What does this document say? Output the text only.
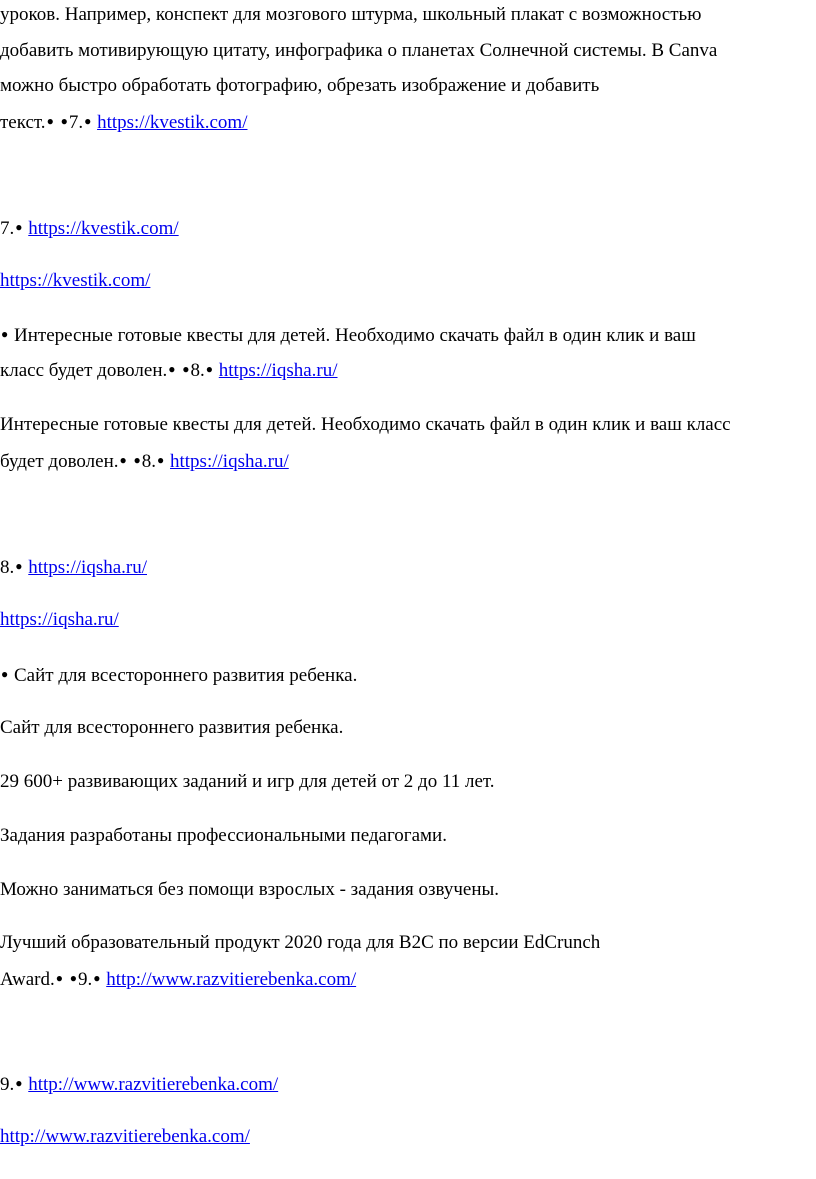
уроков. Например, конспект для мозгового штурма, школьный плакат с возможностью
добавить мотивирующую цитату, инфографика о планетах Солнечной системы. В Canva
можно быстро обработать фотографию, обрезать изображение и добавить
текст.● ●7.● https://kvestik.com/
7.● https://kvestik.com/
https://kvestik.com/
● Интересные готовые квесты для детей. Необходимо скачать файл в один клик и ваш
класс будет доволен.● ●8.● https://iqsha.ru/
Интересные готовые квесты для детей. Необходимо скачать файл в один клик и ваш класс
будет доволен.● ●8.● https://iqsha.ru/
8.● https://iqsha.ru/
https://iqsha.ru/
● Сайт для всестороннего развития ребенка.
Сайт для всестороннего развития ребенка.
29 600+ развивающих заданий и игр для детей от 2 до 11 лет.
Задания разработаны профессиональными педагогами.
Можно заниматься без помощи взрослых - задания озвучены.
Лучший образовательный продукт 2020 года для B2C по версии EdCrunch
Award.● ●9.● http://www.razvitierebenka.com/
9.● http://www.razvitierebenka.com/
http://www.razvitierebenka.com/
